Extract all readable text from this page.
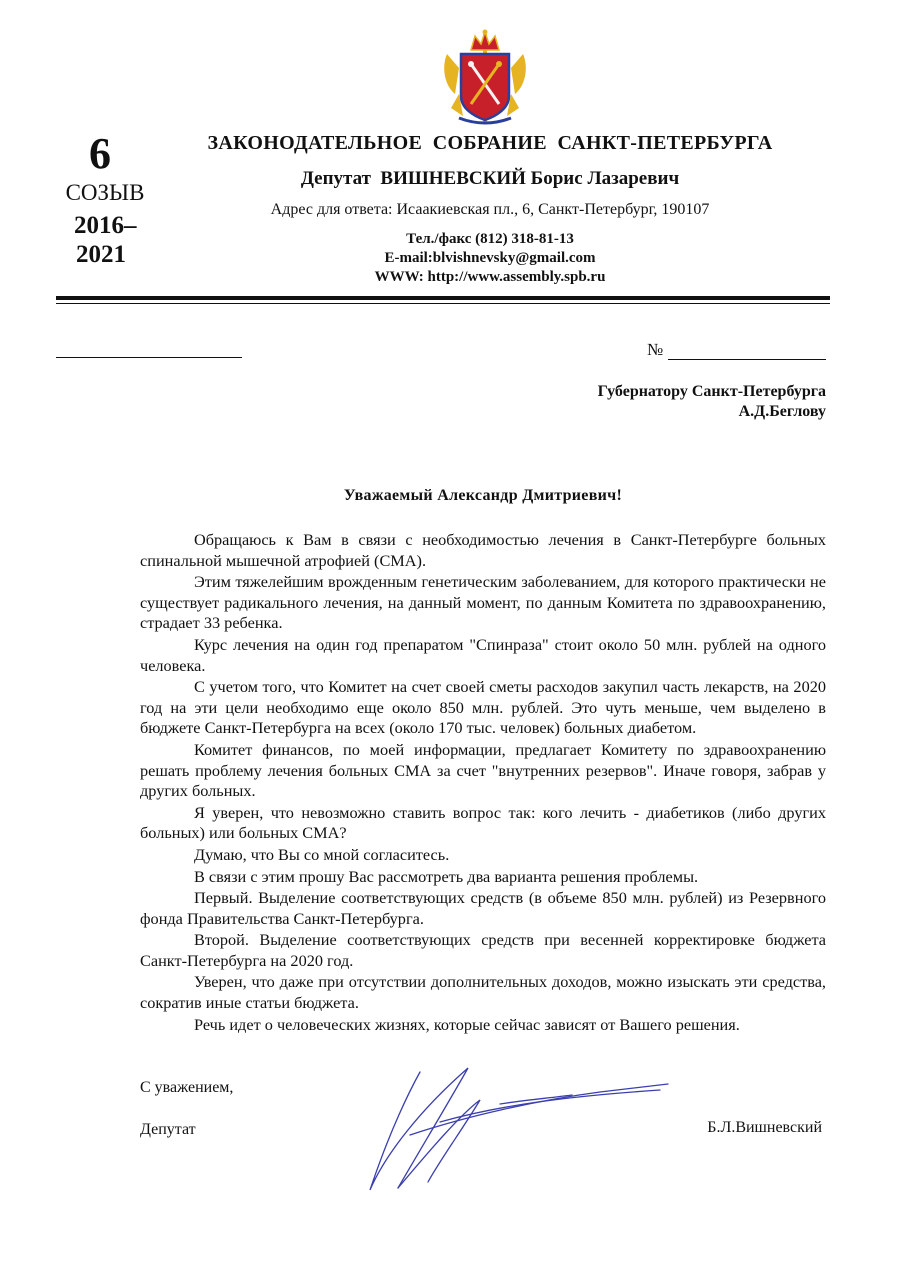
6
СОЗЫВ
2016–
2021
ЗАКОНОДАТЕЛЬНОЕ  СОБРАНИЕ  САНКТ-ПЕТЕРБУРГА
Депутат  ВИШНЕВСКИЙ Борис Лазаревич
Адрес для ответа: Исаакиевская пл., 6, Санкт-Петербург, 190107
Тел./факс (812) 318-81-13
E-mail:blvishnevsky@gmail.com
WWW: http://www.assembly.spb.ru
№
Губернатору Санкт-Петербурга
А.Д.Беглову
Уважаемый Александр Дмитриевич!

Обращаюсь к Вам в связи с необходимостью лечения в Санкт-Петербурге больных спинальной мышечной атрофией (СМА).

Этим тяжелейшим врожденным генетическим заболеванием, для которого практически не существует радикального лечения, на данный момент, по данным Комитета по здравоохранению, страдает 33 ребенка.

Курс лечения на один год препаратом "Спинраза" стоит около 50 млн. рублей на одного человека.

С учетом того, что Комитет на счет своей сметы расходов закупил часть лекарств, на 2020 год на эти цели необходимо еще около 850 млн. рублей. Это чуть меньше, чем выделено в бюджете Санкт-Петербурга на всех (около 170 тыс. человек) больных диабетом.

Комитет финансов, по моей информации, предлагает Комитету по здравоохранению решать проблему лечения больных СМА за счет "внутренних резервов". Иначе говоря, забрав у других больных.

Я уверен, что невозможно ставить вопрос так: кого лечить - диабетиков (либо других больных) или больных СМА?

Думаю, что Вы со мной согласитесь.

В связи с этим прошу Вас рассмотреть два варианта решения проблемы.

Первый. Выделение соответствующих средств (в объеме 850 млн. рублей) из Резервного фонда Правительства Санкт-Петербурга.

Второй. Выделение соответствующих средств при весенней корректировке бюджета Санкт-Петербурга на 2020 год.

Уверен, что даже при отсутствии дополнительных доходов, можно изыскать эти средства, сократив иные статьи бюджета.

Речь идет о человеческих жизнях, которые сейчас зависят от Вашего решения.

С уважением,
Депутат	Б.Л.Вишневский
